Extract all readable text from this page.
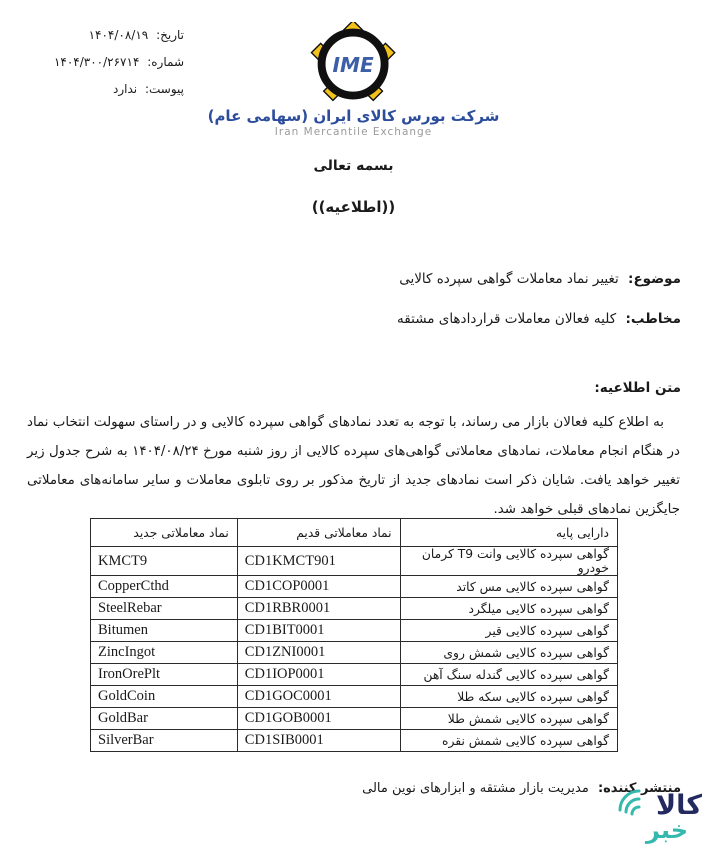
تاریخ: ۱۴۰۴/۰۸/۱۹
شماره: ۱۴۰۴/۳۰۰/۲۶۷۱۴
پیوست: ندارد
IME
شرکت بورس کالای ایران (سهامی عام)
Iran Mercantile Exchange
بسمه تعالی
((اطلاعیه))
موضوع: تغییر نماد معاملات گواهی سپرده کالایی
مخاطب: کلیه فعالان معاملات قراردادهای مشتقه
متن اطلاعیه:
به اطلاع کلیه فعالان بازار می رساند، با توجه به تعدد نمادهای گواهی سپرده کالایی و در راستای سهولت انتخاب نماد در هنگام انجام معاملات، نمادهای معاملاتی گواهی‌های سپرده کالایی از روز شنبه مورخ ۱۴۰۴/۰۸/۲۴ به شرح جدول زیر تغییر خواهد یافت. شایان ذکر است نمادهای جدید از تاریخ مذکور بر روی تابلوی معاملات و سایر سامانه‌های معاملاتی جایگزین نمادهای قبلی خواهد شد.
دارایی پایه	نماد معاملاتی قدیم	نماد معاملاتی جدید
گواهی سپرده کالایی وانت T9 کرمان خودرو	CD1KMCT901	KMCT9
گواهی سپرده کالایی مس کاتد	CD1COP0001	CopperCthd
گواهی سپرده کالایی میلگرد	CD1RBR0001	SteelRebar
گواهی سپرده کالایی قیر	CD1BIT0001	Bitumen
گواهی سپرده کالایی شمش روی	CD1ZNI0001	ZincIngot
گواهی سپرده کالایی گندله سنگ آهن	CD1IOP0001	IronOrePlt
گواهی سپرده کالایی سکه طلا	CD1GOC0001	GoldCoin
گواهی سپرده کالایی شمش طلا	CD1GOB0001	GoldBar
گواهی سپرده کالایی شمش نقره	CD1SIB0001	SilverBar
منتشر کننده: مدیریت بازار مشتقه و ابزارهای نوین مالی
کالا
خبر
